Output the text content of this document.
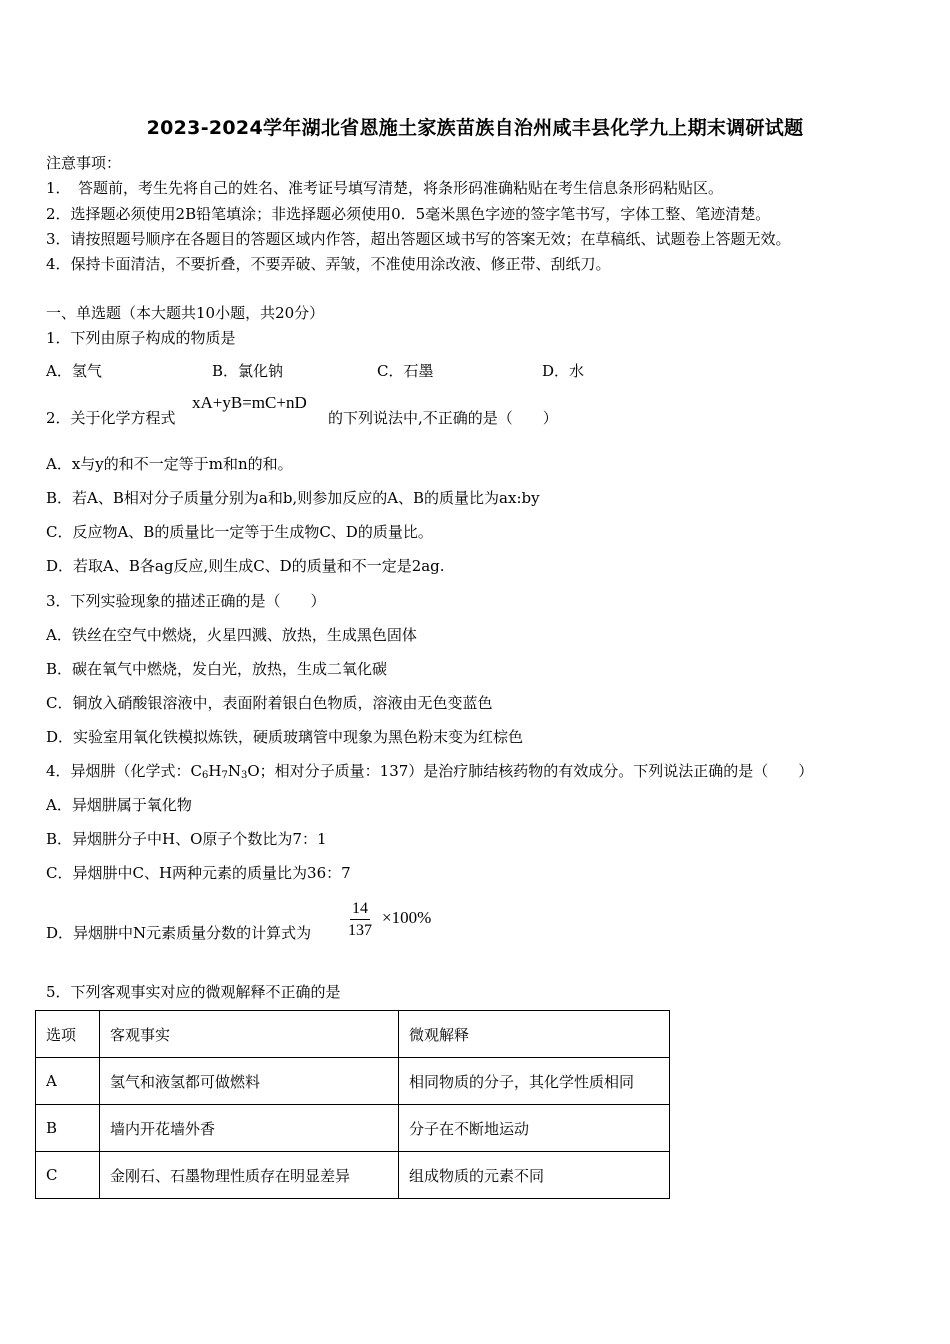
2023-2024学年湖北省恩施土家族苗族自治州咸丰县化学九上期末调研试题
注意事项：
1．　答题前，考生先将自己的姓名、准考证号填写清楚，将条形码准确粘贴在考生信息条形码粘贴区。
2．选择题必须使用2B铅笔填涂；非选择题必须使用0．5毫米黑色字迹的签字笔书写，字体工整、笔迹清楚。
3．请按照题号顺序在各题目的答题区域内作答，超出答题区域书写的答案无效；在草稿纸、试题卷上答题无效。
4．保持卡面清洁，不要折叠，不要弄破、弄皱，不准使用涂改液、修正带、刮纸刀。
一、单选题（本大题共10小题，共20分）
1．下列由原子构成的物质是
A．氢气	B．氯化钠	C．石墨	D．水
2．关于化学方程式
xA+yB=mC+nD
的下列说法中,不正确的是（　　）
A．x与y的和不一定等于m和n的和。
B．若A、B相对分子质量分别为a和b,则参加反应的A、B的质量比为ax:by
C．反应物A、B的质量比一定等于生成物C、D的质量比。
D．若取A、B各ag反应,则生成C、D的质量和不一定是2ag.
3．下列实验现象的描述正确的是（　　）
A．铁丝在空气中燃烧，火星四溅、放热，生成黑色固体
B．碳在氧气中燃烧，发白光，放热，生成二氧化碳
C．铜放入硝酸银溶液中，表面附着银白色物质，溶液由无色变蓝色
D．实验室用氧化铁模拟炼铁，硬质玻璃管中现象为黑色粉末变为红棕色
4．异烟肼（化学式：$C_6H_7N_3O$；相对分子质量：137）是治疗肺结核药物的有效成分。下列说法正确的是（　　）
A．异烟肼属于氧化物
B．异烟肼分子中H、O原子个数比为7：1
C．异烟肼中C、H两种元素的质量比为36：7
D．异烟肼中N元素质量分数的计算式为 $\frac{14}{137} \times 100\%$
5．下列客观事实对应的微观解释不正确的是
选项	客观事实	微观解释
A	氢气和液氢都可做燃料	相同物质的分子，其化学性质相同
B	墙内开花墙外香	分子在不断地运动
C	金刚石、石墨物理性质存在明显差异	组成物质的元素不同
